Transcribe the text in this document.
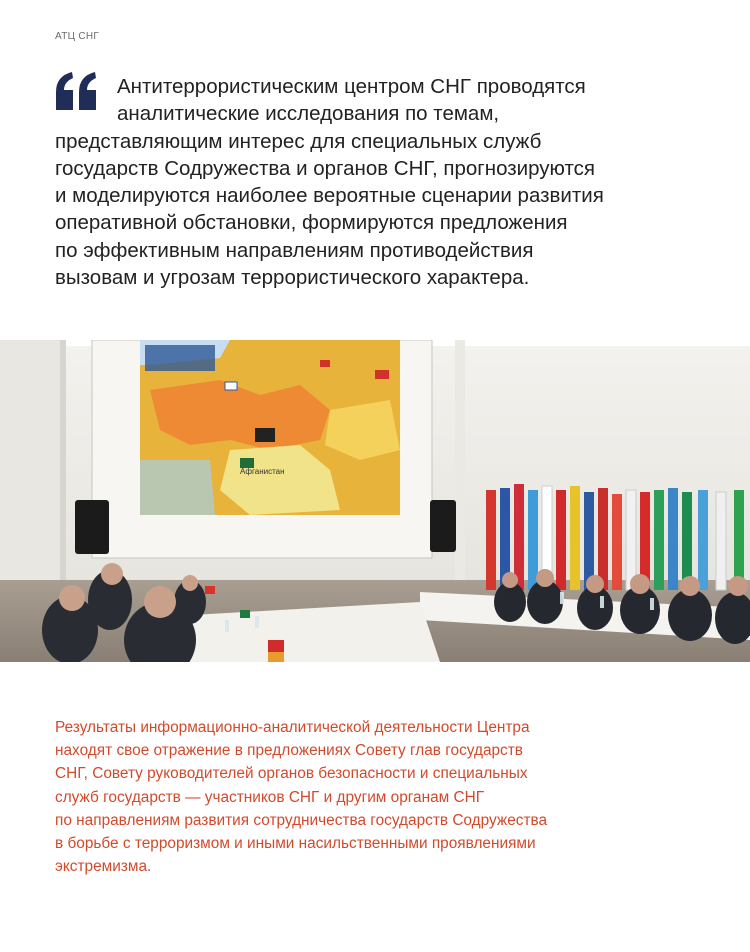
АТЦ СНГ
Антитеррористическим центром СНГ проводятся
аналитические исследования по темам,
представляющим интерес для специальных служб
государств Содружества и органов СНГ, прогнозируются
и моделируются наиболее вероятные сценарии развития
оперативной обстановки, формируются предложения
по эффективным направлениям противодействия
вызовам и угрозам террористического характера.
Афганистан
Результаты информационно-аналитической деятельности Центра
находят свое отражение в предложениях Совету глав государств
СНГ, Совету руководителей органов безопасности и специальных
служб государств — участников СНГ и другим органам СНГ
по направлениям развития сотрудничества государств Содружества
в борьбе с терроризмом и иными насильственными проявлениями
экстремизма.
